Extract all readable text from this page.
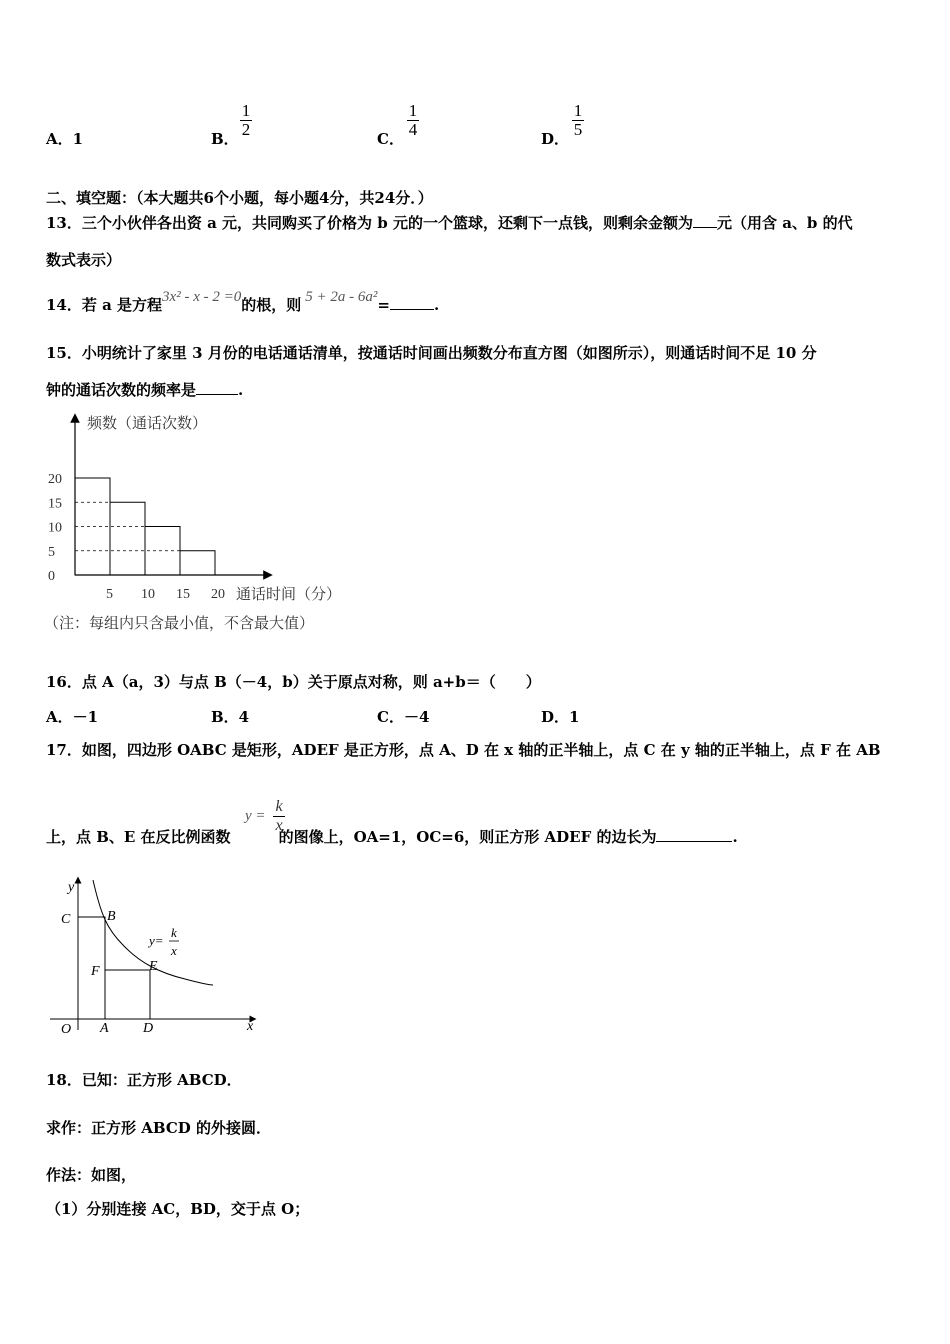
A．1	B．
1
2	C．
1
4	D．
1
5
二、填空题：（本大题共6个小题，每小题4分，共24分．）
13．三个小伙伴各出资 a 元，共同购买了价格为 b 元的一个篮球，还剩下一点钱，则剩余金额为 元（用含 a、b 的代
数式表示）
14．若 a 是方程3x² - x - 2 =0的根，则 5 + 2a - 6a²=	.
15．小明统计了家里 3 月份的电话通话清单，按通话时间画出频数分布直方图（如图所示），则通话时间不足 10 分
钟的通话次数的频率是	.
20
15
10
5
5 10 15 20
0
频数（通话次数）
通话时间（分）
（注：每组内只含最小值，不含最大值）
16．点 A（a，3）与点 B（－4，b）关于原点对称，则 a+b＝（　　）
A．－1	B．4	C．－4	D．1
17．如图，四边形 OABC 是矩形，ADEF 是正方形，点 A、D 在 x 轴的正半轴上，点 C 在 y 轴的正半轴上，点 F 在 AB
上，点 B、E 在反比例函数	的图像上，OA=1，OC=6，则正方形 ADEF 的边长为	.
y =
k
x
y
x
O
C	B
F	E
A D
y=
k
x
18．已知：正方形 ABCD．
求作：正方形 ABCD 的外接圆．
作法：如图，
（1）分别连接 AC，BD，交于点 O；
